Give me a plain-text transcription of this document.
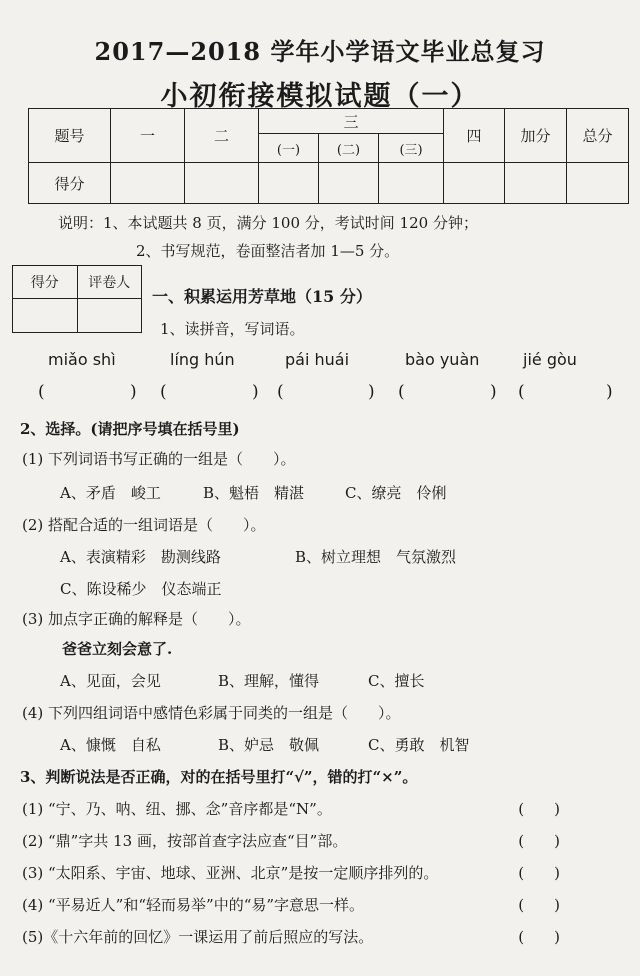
2017—2018 学年小学语文毕业总复习
小初衔接模拟试题（一）
题号	一	二	三			四	加分	总分
			(一)	(二)	(三)			
得分								
说明：1、本试题共 8 页，满分 100 分，考试时间 120 分钟；
2、书写规范，卷面整洁者加 1—5 分。
得分	评卷人

一、积累运用芳草地（15 分）
1、读拼音，写词语。
miǎo shì	líng hún	pái huái	bào yuàn	jié gòu
(	) (	) (	) (	) (	)
2、选择。(请把序号填在括号里)
(1) 下列词语书写正确的一组是（　　）。
A、矛盾　峻工	B、魁梧　精湛	C、缭亮　伶俐
(2) 搭配合适的一组词语是（　　）。
A、表演精彩　勘测线路	B、树立理想　气氛激烈
C、陈设稀少　仪态端正
(3) 加点字正确的解释是（　　）。
爸爸立刻会意了.
A、见面，会见	B、理解，懂得	C、擅长
(4) 下列四组词语中感情色彩属于同类的一组是（　　）。
A、慷慨　自私	B、妒忌　敬佩	C、勇敢　机智
3、判断说法是否正确，对的在括号里打“√”，错的打“×”。
(1) “宁、乃、呐、纽、挪、念”音序都是“N”。	(　　)
(2) “鼎”字共 13 画，按部首查字法应查“目”部。	(　　)
(3) “太阳系、宇宙、地球、亚洲、北京”是按一定顺序排列的。	(　　)
(4) “平易近人”和“轻而易举”中的“易”字意思一样。	(　　)
(5)《十六年前的回忆》一课运用了前后照应的写法。	(　　)
